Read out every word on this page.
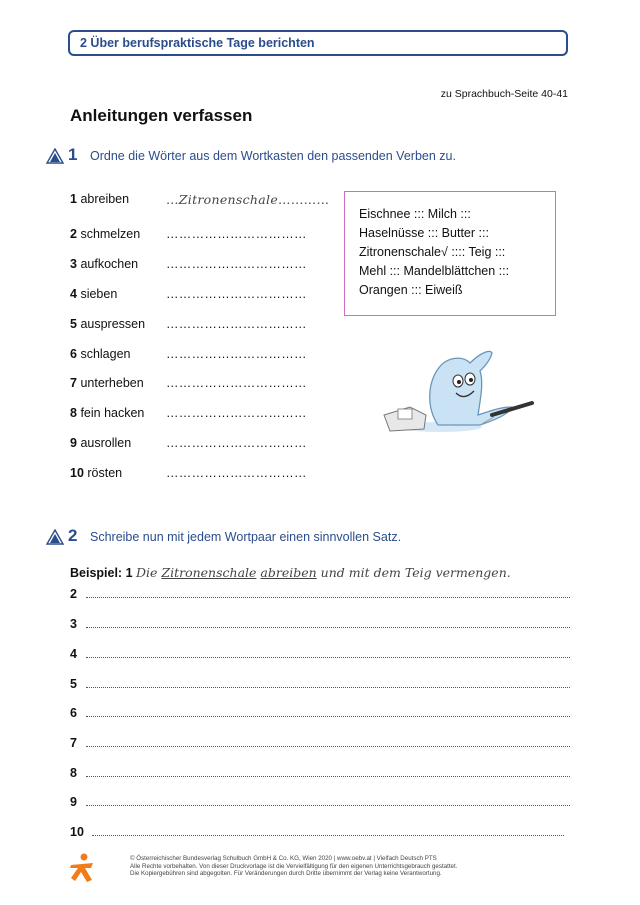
2 Über berufspraktische Tage berichten
zu Sprachbuch-Seite 40-41
Anleitungen verfassen
1 Ordne die Wörter aus dem Wortkasten den passenden Verben zu.
1 abreiben	…Zitronenschale…...……
2 schmelzen ……………………………
3 aufkochen ……………………………
4 sieben	……………………………
5 auspressen ……………………………
6 schlagen	……………………………
7 unterheben ……………………………
8 fein hacken ……………………………
9 ausrollen	……………………………
10 rösten	……………………………
Eischnee ::: Milch :::
Haselnüsse ::: Butter :::
Zitronenschale√ :::: Teig :::
Mehl ::: Mandelblättchen :::
Orangen ::: Eiweiß
2 Schreibe nun mit jedem Wortpaar einen sinnvollen Satz.
Beispiel: 1 Die Zitronenschale abreiben und mit dem Teig vermengen.
2
3
4
5
6
7
8
9
10
© Österreichischer Bundesverlag Schulbuch GmbH & Co. KG, Wien 2020 | www.oebv.at | Vielfach Deutsch PTS
Alle Rechte vorbehalten. Von dieser Druckvorlage ist die Vervielfältigung für den eigenen Unterrichtsgebrauch gestattet.
Die Kopiergebühren sind abgegolten. Für Veränderungen durch Dritte übernimmt der Verlag keine Verantwortung.
